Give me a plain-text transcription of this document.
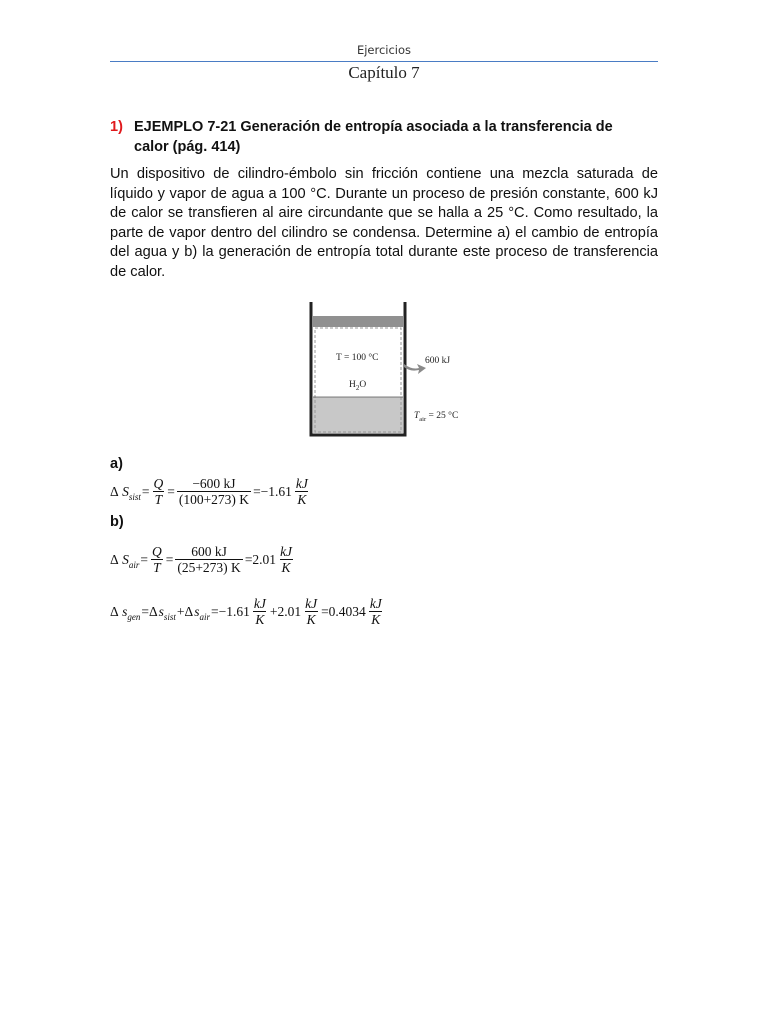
Ejercicios
Capítulo 7
1) EJEMPLO 7-21 Generación de entropía asociada a la transferencia de
calor (pág. 414)
Un dispositivo de cilindro-émbolo sin fricción contiene una mezcla saturada de líquido y vapor de agua a 100 °C. Durante un proceso de presión constante, 600 kJ de calor se transfieren al aire circundante que se halla a 25 °C. Como resultado, la parte de vapor dentro del cilindro se condensa. Determine a) el cambio de entropía del agua y b) la generación de entropía total durante este proceso de transferencia de calor.
T = 100 °C
$H_2O$
600 kJ
$T_{air} = 25$ °C
a)
Δ
S sist = $\frac{Q}{T} = \frac{-600 kJ}{(100+273) K} =-1.61 \frac{kJ}{K}$
b)
Δ
S air = $\frac{Q}{T} = \frac{600 kJ}{(25+273) K} =2.01 \frac{kJ}{K}$
Δ
s gen =Δ s sist +Δ s air $=-1.61 \frac{kJ}{K} +2.01 \frac{kJ}{K} =0.4034 \frac{kJ}{K}$
